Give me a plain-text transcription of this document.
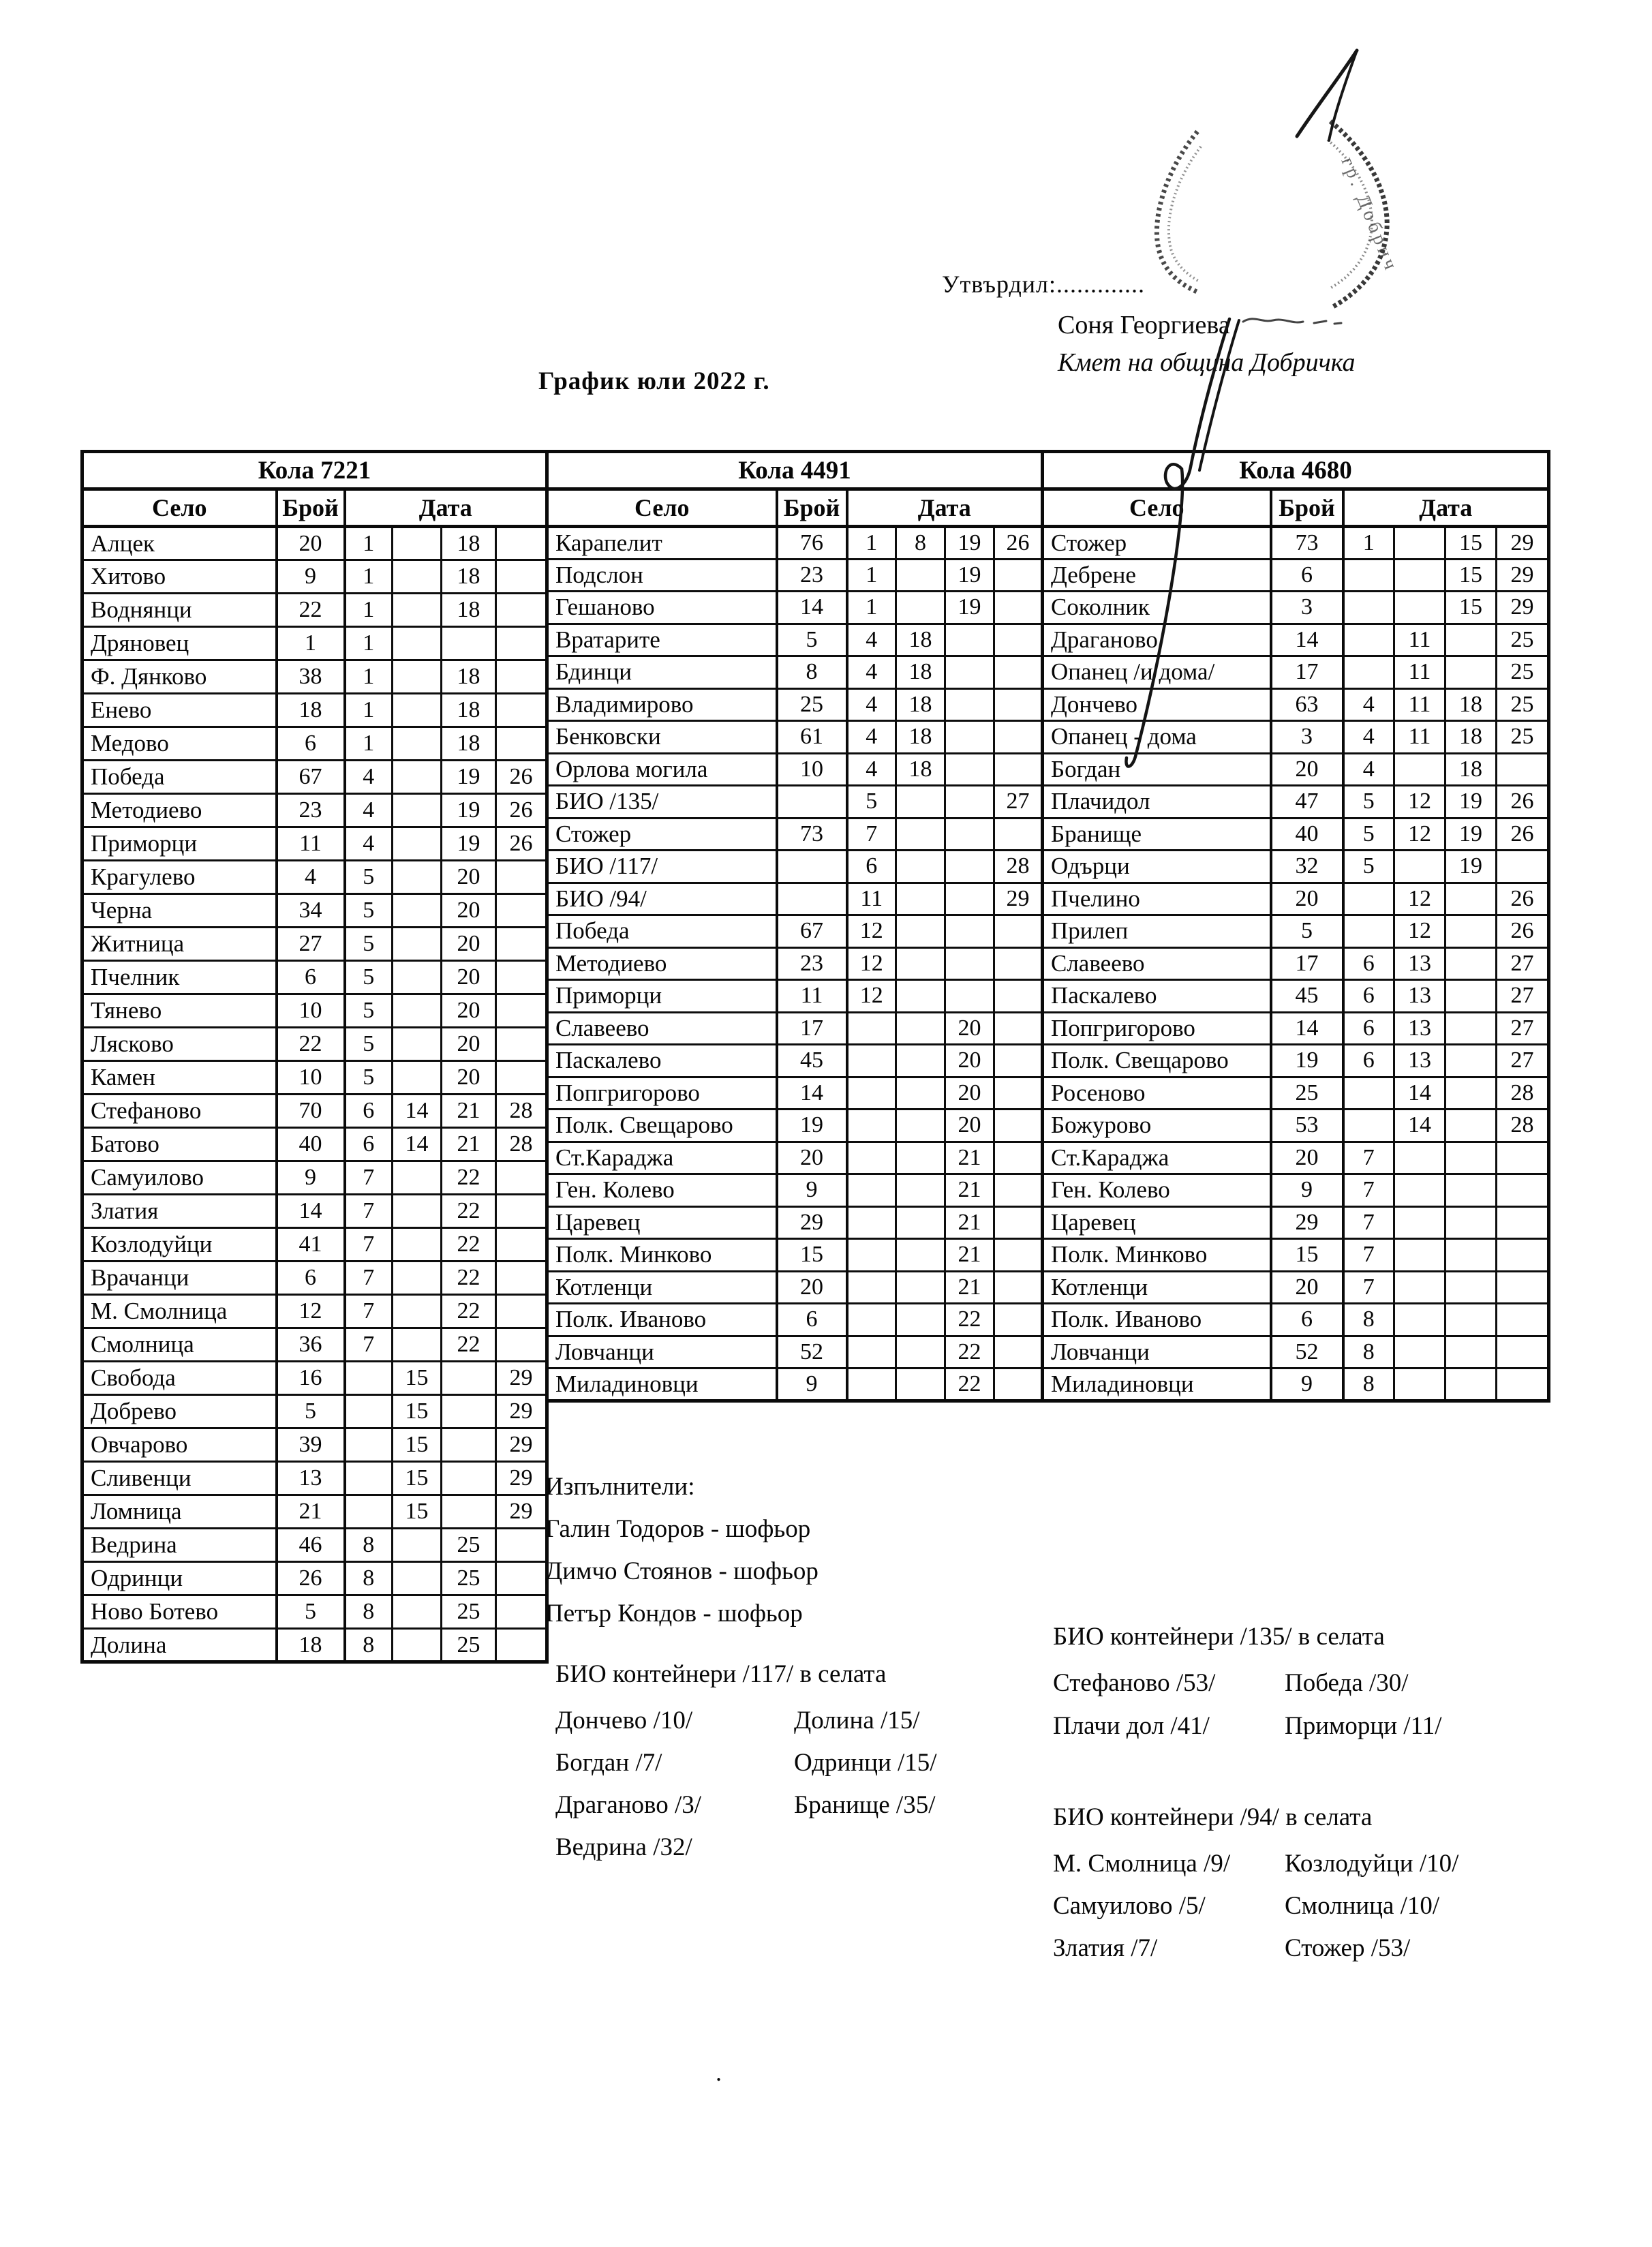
Утвърдил:.............
Соня Георгиева
Кмет на община Добричка
График юли 2022 г.
Кола 7221					
Село	Брой	Дата			
Алцек	20	1		18	
Хитово	9	1		18	
Воднянци	22	1		18	
Дряновец	1	1			
Ф. Дянково	38	1		18	
Енево	18	1		18	
Медово	6	1		18	
Победа	67	4		19	26
Методиево	23	4		19	26
Приморци	11	4		19	26
Крагулево	4	5		20	
Черна	34	5		20	
Житница	27	5		20	
Пчелник	6	5		20	
Тянево	10	5		20	
Лясково	22	5		20	
Камен	10	5		20	
Стефаново	70	6	14	21	28
Батово	40	6	14	21	28
Самуилово	9	7		22	
Златия	14	7		22	
Козлодуйци	41	7		22	
Врачанци	6	7		22	
М. Смолница	12	7		22	
Смолница	36	7		22	
Свобода	16		15		29
Добрево	5		15		29
Овчарово	39		15		29
Сливенци	13		15		29
Ломница	21		15		29
Ведрина	46	8		25	
Одринци	26	8		25	
Ново Ботево	5	8		25	
Долина	18	8		25	
Кола 4491					
Село	Брой	Дата			
Карапелит	76	1	8	19	26
Подслон	23	1		19	
Гешаново	14	1		19	
Вратарите	5	4	18		
Бдинци	8	4	18		
Владимирово	25	4	18		
Бенковски	61	4	18		
Орлова могила	10	4	18		
БИО /135/		5			27
Стожер	73	7			
БИО /117/		6			28
БИО /94/		11			29
Победа	67	12			
Методиево	23	12			
Приморци	11	12			
Славеево	17			20	
Паскалево	45			20	
Попгригорово	14			20	
Полк. Свещарово	19			20	
Ст.Караджа	20			21	
Ген. Колево	9			21	
Царевец	29			21	
Полк. Минково	15			21	
Котленци	20			21	
Полк. Иваново	6			22	
Ловчанци	52			22	
Миладиновци	9			22	
Кола 4680					
Село	Брой	Дата			
Стожер	73	1		15	29
Дебрене	6			15	29
Соколник	3			15	29
Драганово	14		11		25
Опанец /и дома/	17		11		25
Дончево	63	4	11	18	25
Опанец - дома	3	4	11	18	25
Богдан	20	4		18	
Плачидол	47	5	12	19	26
Бранище	40	5	12	19	26
Одърци	32	5		19	
Пчелино	20		12		26
Прилеп	5		12		26
Славеево	17	6	13		27
Паскалево	45	6	13		27
Попгригорово	14	6	13		27
Полк. Свещарово	19	6	13		27
Росеново	25		14		28
Божурово	53		14		28
Ст.Караджа	20	7			
Ген. Колево	9	7			
Царевец	29	7			
Полк. Минково	15	7			
Котленци	20	7			
Полк. Иваново	6	8			
Ловчанци	52	8			
Миладиновци	9	8			
Изпълнители:
Галин Тодоров - шофьор
Димчо Стоянов - шофьор
Петър Кондов - шофьор
БИО контейнери /117/ в селата
Дончево /10/
Богдан /7/
Драганово /3/
Ведрина /32/
Долина /15/
Одринци /15/
Бранище /35/
БИО контейнери /135/ в селата
Стефаново /53/
Плачи дол /41/
Победа /30/
Приморци /11/
БИО контейнери /94/ в селата
М. Смолница /9/
Самуилово /5/
Златия /7/
Козлодуйци /10/
Смолница /10/
Стожер /53/
.
гр. Добрич
